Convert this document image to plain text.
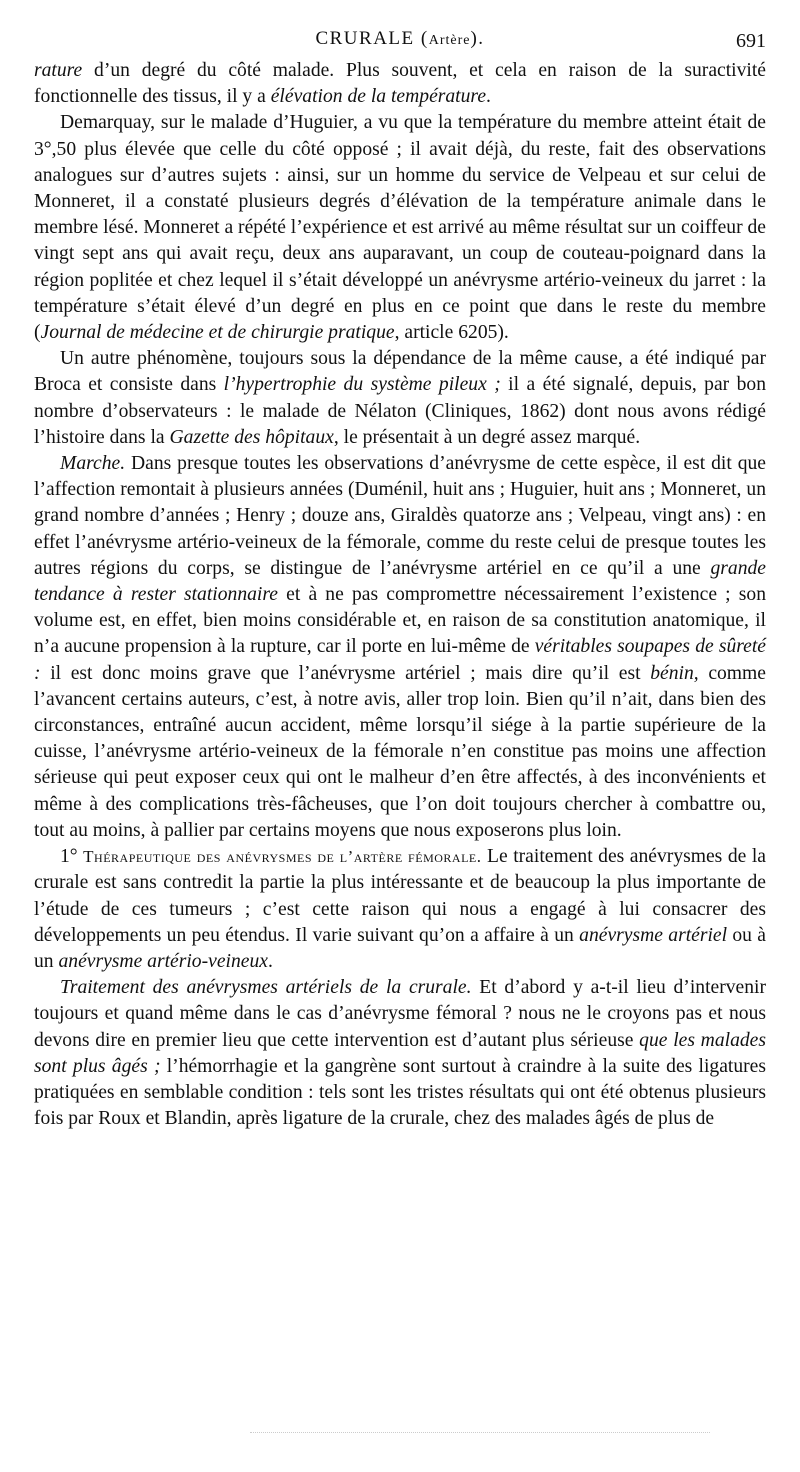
CRURALE (Artère).	691

rature d’un degré du côté malade. Plus souvent, et cela en raison de la suractivité fonctionnelle des tissus, il y a élévation de la température.

Demarquay, sur le malade d’Huguier, a vu que la température du membre atteint était de 3°,50 plus élevée que celle du côté opposé ; il avait déjà, du reste, fait des observations analogues sur d’autres sujets : ainsi, sur un homme du service de Velpeau et sur celui de Monneret, il a constaté plusieurs degrés d’élévation de la température animale dans le membre lésé. Monneret a répété l’expérience et est arrivé au même résultat sur un coiffeur de vingt sept ans qui avait reçu, deux ans auparavant, un coup de couteau-poignard dans la région poplitée et chez lequel il s’était développé un anévrysme artério-veineux du jarret : la température s’était élevé d’un degré en plus en ce point que dans le reste du membre (Journal de médecine et de chirurgie pratique, article 6205).

Un autre phénomène, toujours sous la dépendance de la même cause, a été indiqué par Broca et consiste dans l’hypertrophie du système pileux ; il a été signalé, depuis, par bon nombre d’observateurs : le malade de Nélaton (Cliniques, 1862) dont nous avons rédigé l’histoire dans la Gazette des hôpitaux, le présentait à un degré assez marqué.

Marche. Dans presque toutes les observations d’anévrysme de cette espèce, il est dit que l’affection remontait à plusieurs années (Duménil, huit ans ; Huguier, huit ans ; Monneret, un grand nombre d’années ; Henry ; douze ans, Giraldès quatorze ans ; Velpeau, vingt ans) : en effet l’anévrysme artério-veineux de la fémorale, comme du reste celui de presque toutes les autres régions du corps, se distingue de l’anévrysme artériel en ce qu’il a une grande tendance à rester stationnaire et à ne pas compromettre nécessairement l’existence ; son volume est, en effet, bien moins considérable et, en raison de sa constitution anatomique, il n’a aucune propension à la rupture, car il porte en lui-même de véritables soupapes de sûreté : il est donc moins grave que l’anévrysme artériel ; mais dire qu’il est bénin, comme l’avancent certains auteurs, c’est, à notre avis, aller trop loin. Bien qu’il n’ait, dans bien des circonstances, entraîné aucun accident, même lorsqu’il siége à la partie supérieure de la cuisse, l’anévrysme artério-veineux de la fémorale n’en constitue pas moins une affection sérieuse qui peut exposer ceux qui ont le malheur d’en être affectés, à des inconvénients et même à des complications très-fâcheuses, que l’on doit toujours chercher à combattre ou, tout au moins, à pallier par certains moyens que nous exposerons plus loin.

1° Thérapeutique des anévrysmes de l’artère fémorale. Le traitement des anévrysmes de la crurale est sans contredit la partie la plus intéressante et de beaucoup la plus importante de l’étude de ces tumeurs ; c’est cette raison qui nous a engagé à lui consacrer des développements un peu étendus. Il varie suivant qu’on a affaire à un anévrysme artériel ou à un anévrysme artério-veineux.

Traitement des anévrysmes artériels de la crurale. Et d’abord y a-t-il lieu d’intervenir toujours et quand même dans le cas d’anévrysme fémoral ? nous ne le croyons pas et nous devons dire en premier lieu que cette intervention est d’autant plus sérieuse que les malades sont plus âgés ; l’hémorrhagie et la gangrène sont surtout à craindre à la suite des ligatures pratiquées en semblable condition : tels sont les tristes résultats qui ont été obtenus plusieurs fois par Roux et Blandin, après ligature de la crurale, chez des malades âgés de plus de
